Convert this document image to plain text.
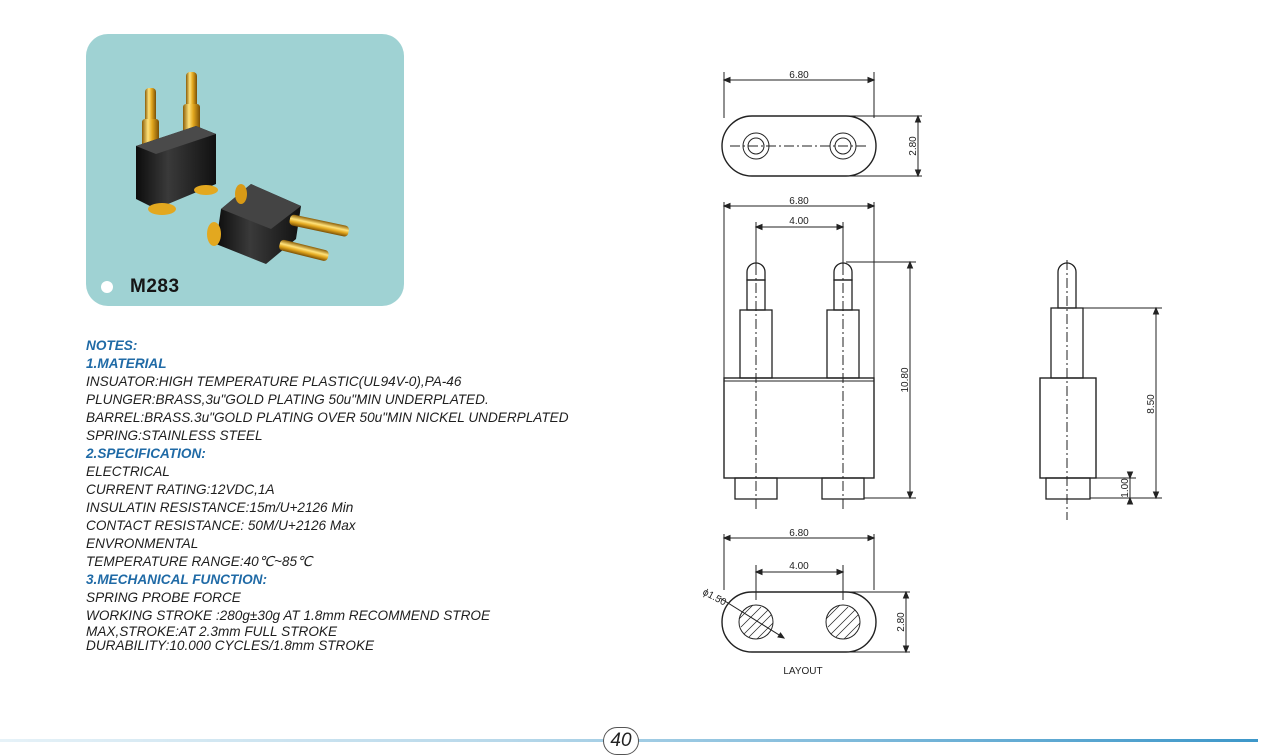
M283
NOTES:
1.MATERIAL
INSUATOR:HIGH TEMPERATURE PLASTIC(UL94V-0),PA-46
PLUNGER:BRASS,3u"GOLD PLATING 50u"MIN UNDERPLATED.
BARREL:BRASS.3u"GOLD PLATING OVER 50u"MIN NICKEL UNDERPLATED
SPRING:STAINLESS STEEL
2.SPECIFICATION:
ELECTRICAL
CURRENT RATING:12VDC,1A
INSULATIN RESISTANCE:15m/U+2126 Min
CONTACT RESISTANCE: 50M/U+2126 Max
ENVRONMENTAL
TEMPERATURE RANGE:40℃~85℃
3.MECHANICAL FUNCTION:
SPRING PROBE FORCE
WORKING STROKE :280g±30g AT 1.8mm RECOMMEND STROE
MAX,STROKE:AT 2.3mm FULL STROKE
DURABILITY:10.000 CYCLES/1.8mm STROKE
6.80
2.80
6.80
4.00
10.80
8.50
1.00
6.80
4.00
ϕ1.50
2.80
LAYOUT
40
